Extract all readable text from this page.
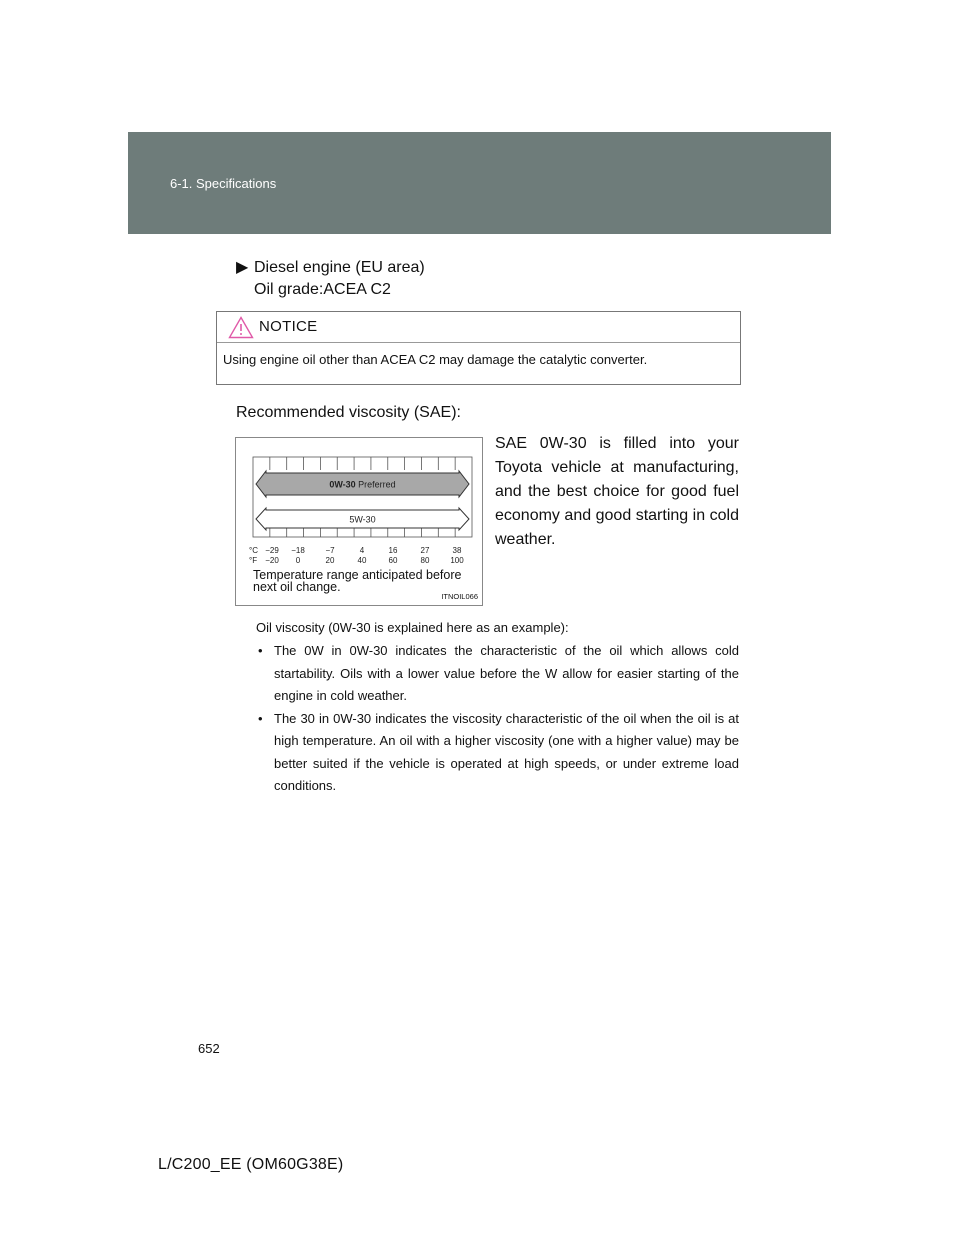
6-1. Specifications
▶ Diesel engine (EU area)
Oil grade:ACEA C2
NOTICE
Using engine oil other than ACEA C2 may damage the catalytic converter.
Recommended viscosity (SAE):
0W-30 Preferred
5W-30
°C −29 −18	−7	4	16	27	38
°F −20 0	20	40	60	80	100
Temperature range anticipated before next oil change.
ITNOIL066
SAE 0W-30 is filled into your Toyota vehicle at manufacturing, and the best choice for good fuel economy and good starting in cold weather.
Oil viscosity (0W-30 is explained here as an example):
• The 0W in 0W-30 indicates the characteristic of the oil which allows cold startability. Oils with a lower value before the W allow for easier starting of the engine in cold weather.
• The 30 in 0W-30 indicates the viscosity characteristic of the oil when the oil is at high temperature. An oil with a higher viscosity (one with a higher value) may be better suited if the vehicle is operated at high speeds, or under extreme load conditions.
652
L/C200_EE (OM60G38E)
